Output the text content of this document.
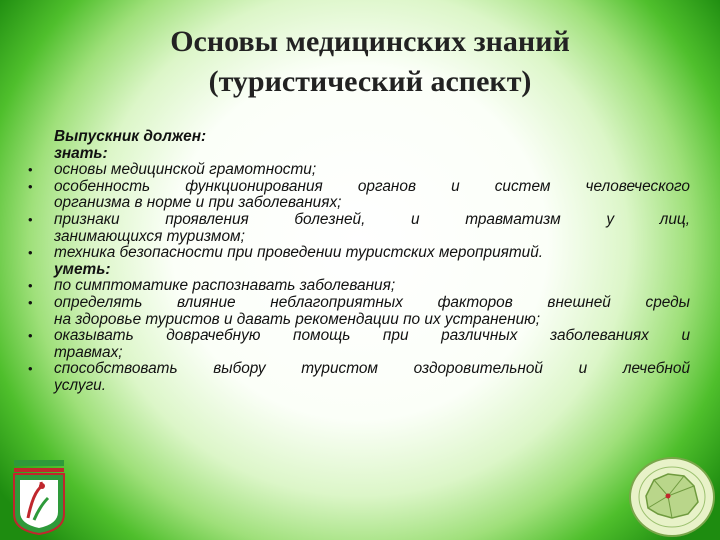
Основы медицинских знаний
(туристический аспект)
Выпускник должен:
знать:
•	основы медицинской грамотности;
•	особенность функционирования органов и систем человеческого
организма в норме и при заболеваниях;
•	признаки проявления болезней, и травматизм у лиц,
занимающихся туризмом;
•	техника безопасности при проведении туристских мероприятий.
уметь:
•	по симптоматике распознавать заболевания;
•	определять влияние неблагоприятных факторов внешней среды
на здоровье туристов и давать рекомендации по их устранению;
•	оказывать доврачебную помощь при различных заболеваниях и
травмах;
•	способствовать выбору туристом оздоровительной и лечебной
услуги.
